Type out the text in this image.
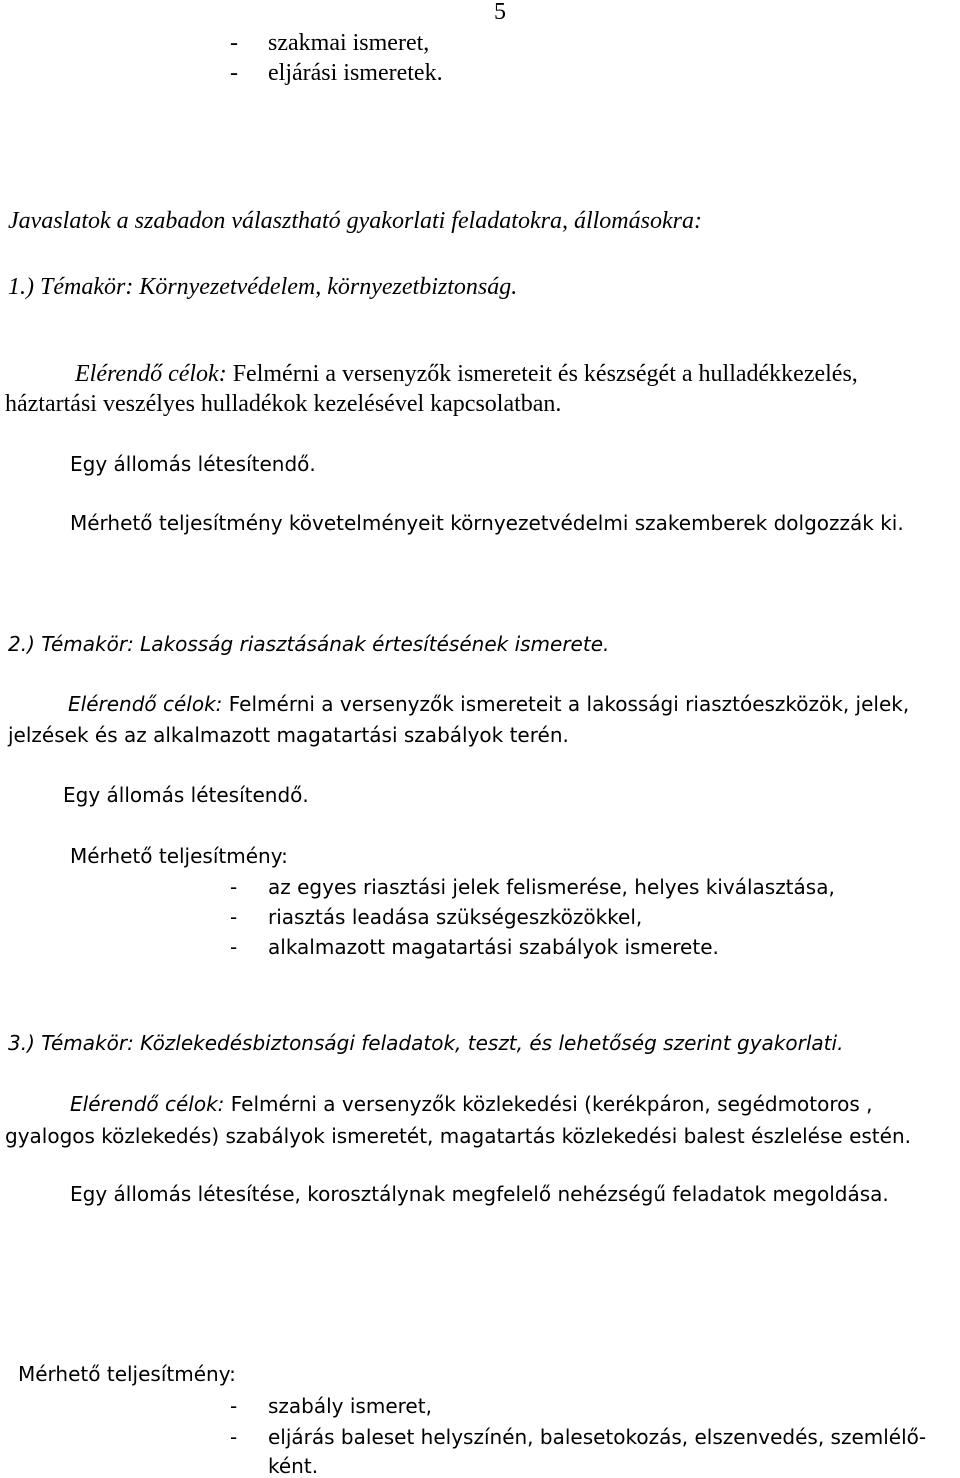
5
- szakmai ismeret,
- eljárási ismeretek.
Javaslatok a szabadon választható gyakorlati feladatokra, állomásokra:
1.) Témakör: Környezetvédelem, környezetbiztonság.
Elérendő célok: Felmérni a versenyzők ismereteit és készségét a hulladékkezelés,
háztartási veszélyes hulladékok kezelésével kapcsolatban.
Egy állomás létesítendő.
Mérhető teljesítmény követelményeit környezetvédelmi szakemberek dolgozzák ki.
2.) Témakör: Lakosság riasztásának értesítésének ismerete.
Elérendő célok: Felmérni a versenyzők ismereteit a lakossági riasztóeszközök, jelek,
jelzések és az alkalmazott magatartási szabályok terén.
Egy állomás létesítendő.
Mérhető teljesítmény:
- az egyes riasztási jelek felismerése, helyes kiválasztása,
- riasztás leadása szükségeszközökkel,
- alkalmazott magatartási szabályok ismerete.
3.) Témakör: Közlekedésbiztonsági feladatok, teszt, és lehetőség szerint gyakorlati.
Elérendő célok: Felmérni a versenyzők közlekedési (kerékpáron, segédmotoros ,
gyalogos közlekedés) szabályok ismeretét, magatartás közlekedési balest észlelése estén.
Egy állomás létesítése, korosztálynak megfelelő nehézségű feladatok megoldása.
Mérhető teljesítmény:
- szabály ismeret,
- eljárás baleset helyszínén, balesetokozás, elszenvedés, szemlélő-
ként.
